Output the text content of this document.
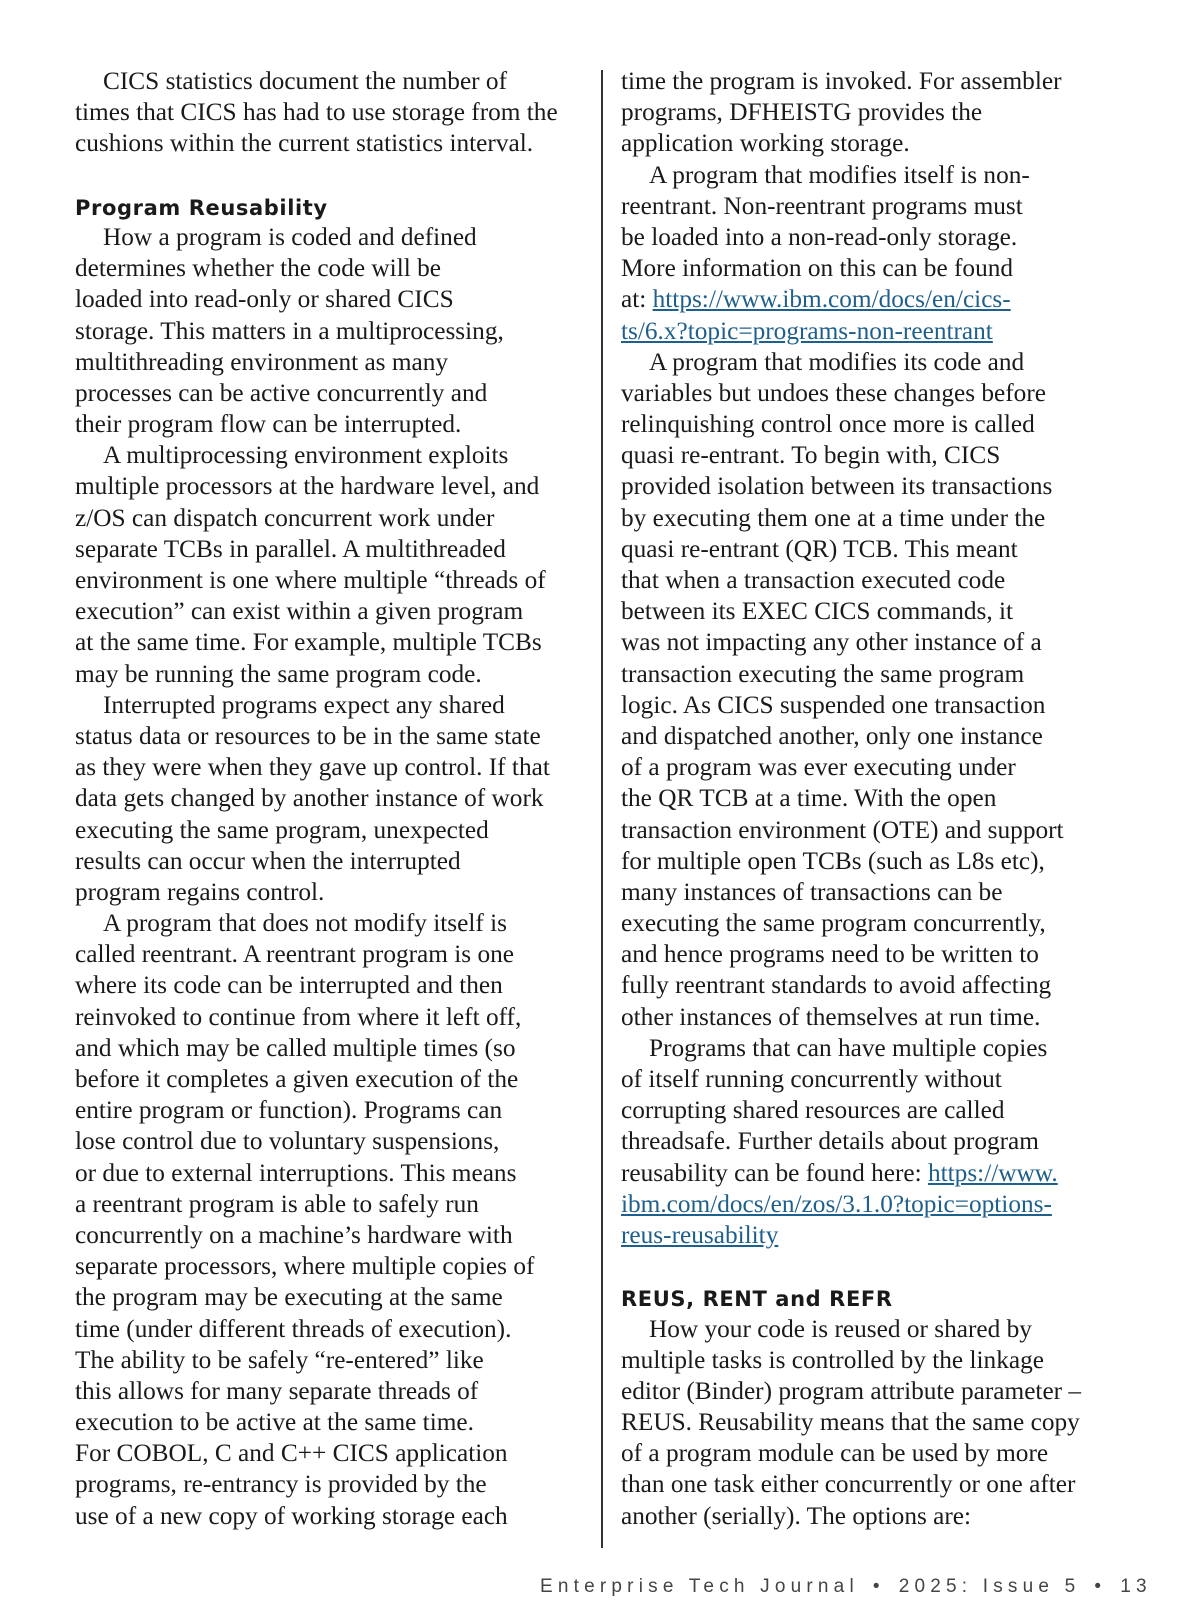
CICS statistics document the number of
times that CICS has had to use storage from the
cushions within the current statistics interval.
Program Reusability
How a program is coded and defined
determines whether the code will be
loaded into read-only or shared CICS
storage. This matters in a multiprocessing,
multithreading environment as many
processes can be active concurrently and
their program flow can be interrupted.
A multiprocessing environment exploits
multiple processors at the hardware level, and
z/OS can dispatch concurrent work under
separate TCBs in parallel. A multithreaded
environment is one where multiple “threads of
execution” can exist within a given program
at the same time. For example, multiple TCBs
may be running the same program code.
Interrupted programs expect any shared
status data or resources to be in the same state
as they were when they gave up control. If that
data gets changed by another instance of work
executing the same program, unexpected
results can occur when the interrupted
program regains control.
A program that does not modify itself is
called reentrant. A reentrant program is one
where its code can be interrupted and then
reinvoked to continue from where it left off,
and which may be called multiple times (so
before it completes a given execution of the
entire program or function). Programs can
lose control due to voluntary suspensions,
or due to external interruptions. This means
a reentrant program is able to safely run
concurrently on a machine’s hardware with
separate processors, where multiple copies of
the program may be executing at the same
time (under different threads of execution).
The ability to be safely “re-entered” like
this allows for many separate threads of
execution to be active at the same time.
For COBOL, C and C++ CICS application
programs, re-entrancy is provided by the
use of a new copy of working storage each
time the program is invoked. For assembler
programs, DFHEISTG provides the
application working storage.
A program that modifies itself is non-
reentrant. Non-reentrant programs must
be loaded into a non-read-only storage.
More information on this can be found
at: https://www.ibm.com/docs/en/cics-
ts/6.x?topic=programs-non-reentrant
A program that modifies its code and
variables but undoes these changes before
relinquishing control once more is called
quasi re-entrant. To begin with, CICS
provided isolation between its transactions
by executing them one at a time under the
quasi re-entrant (QR) TCB. This meant
that when a transaction executed code
between its EXEC CICS commands, it
was not impacting any other instance of a
transaction executing the same program
logic. As CICS suspended one transaction
and dispatched another, only one instance
of a program was ever executing under
the QR TCB at a time. With the open
transaction environment (OTE) and support
for multiple open TCBs (such as L8s etc),
many instances of transactions can be
executing the same program concurrently,
and hence programs need to be written to
fully reentrant standards to avoid affecting
other instances of themselves at run time.
Programs that can have multiple copies
of itself running concurrently without
corrupting shared resources are called
threadsafe. Further details about program
reusability can be found here: https://www.
ibm.com/docs/en/zos/3.1.0?topic=options-
reus-reusability
REUS, RENT and REFR
How your code is reused or shared by
multiple tasks is controlled by the linkage
editor (Binder) program attribute parameter –
REUS. Reusability means that the same copy
of a program module can be used by more
than one task either concurrently or one after
another (serially). The options are:
Enterprise Tech Journal • 2025: Issue 5 • 13
